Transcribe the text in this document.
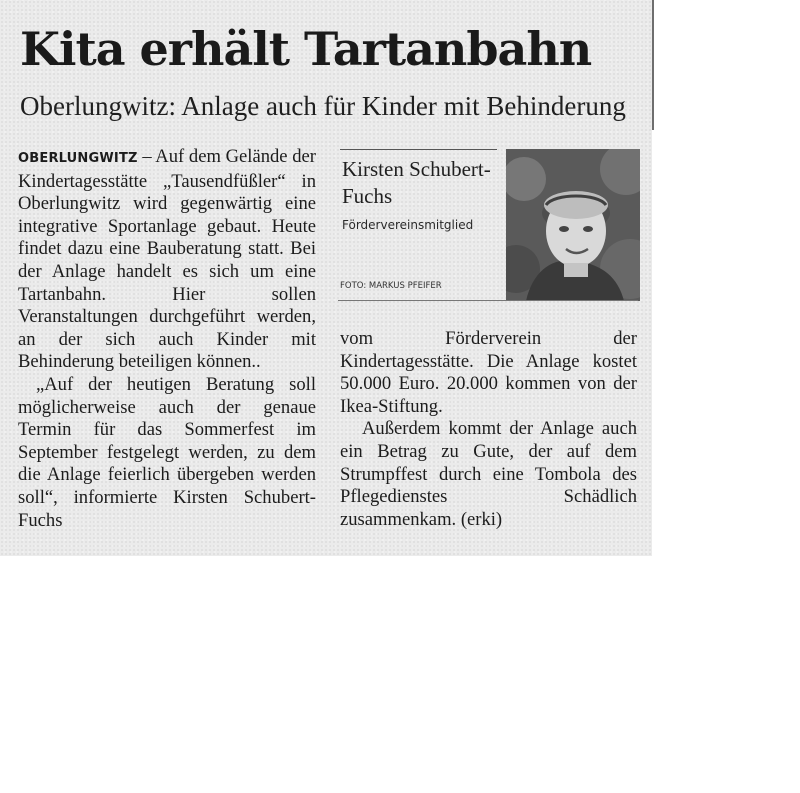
Kita erhält Tartanbahn
Oberlungwitz: Anlage auch für Kinder mit Behinderung

OBERLUNGWITZ – Auf dem Gelände der Kindertagesstätte „Tausendfüßler“ in Oberlungwitz wird gegenwärtig eine integrative Sportanlage gebaut. Heute findet dazu eine Bauberatung statt. Bei der Anlage handelt es sich um eine Tartanbahn. Hier sollen Veranstaltungen durchgeführt werden, an der sich auch Kinder mit Behinderung beteiligen können..

„Auf der heutigen Beratung soll möglicherweise auch der genaue Termin für das Sommerfest im September festgelegt werden, zu dem die Anlage feierlich übergeben werden soll“, informierte Kirsten Schubert-Fuchs

Kirsten Schubert-Fuchs

Fördervereinsmitglied
FOTO: MARKUS PFEIFER

vom Förderverein der Kindertagesstätte. Die Anlage kostet 50.000 Euro. 20.000 kommen von der Ikea-Stiftung.

Außerdem kommt der Anlage auch ein Betrag zu Gute, der auf dem Strumpffest durch eine Tombola des Pflegedienstes Schädlich zusammenkam. (erki)
